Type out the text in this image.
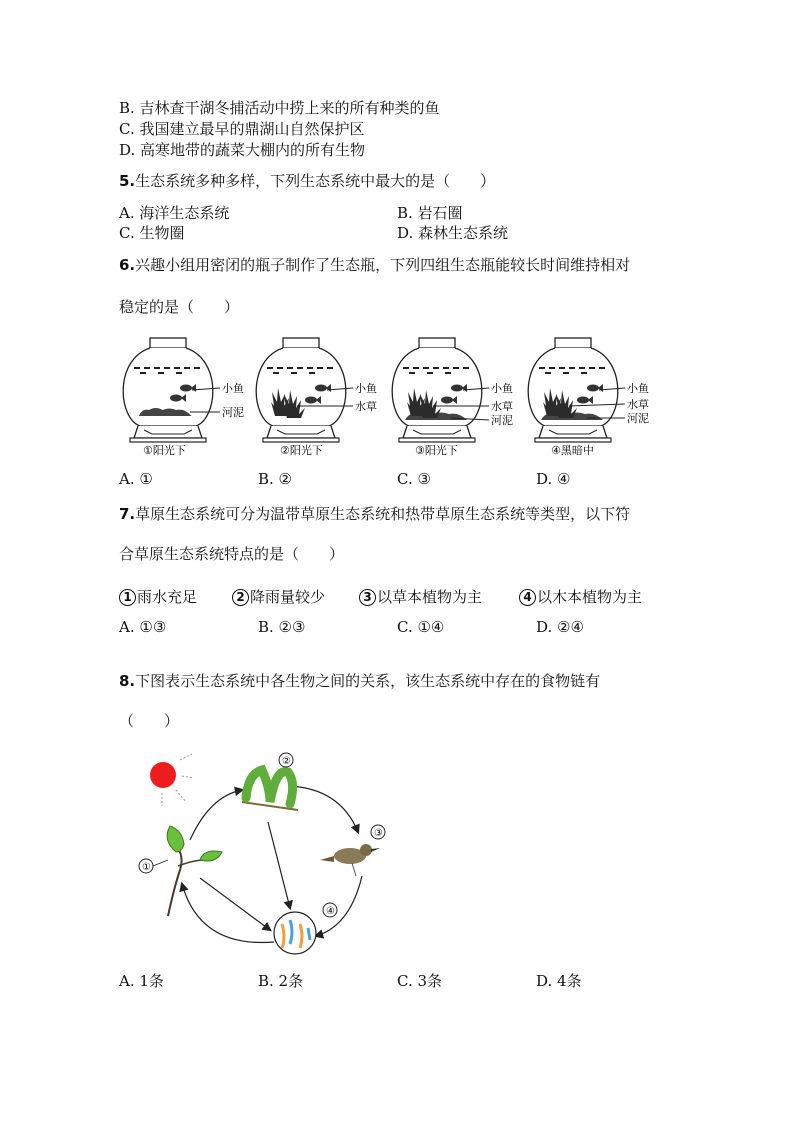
B. 吉林查干湖冬捕活动中捞上来的所有种类的鱼
C. 我国建立最早的鼎湖山自然保护区
D. 高寒地带的蔬菜大棚内的所有生物
5.生态系统多种多样，下列生态系统中最大的是（　　）
A. 海洋生态系统	B. 岩石圈
C. 生物圈	D. 森林生态系统
6.兴趣小组用密闭的瓶子制作了生态瓶，下列四组生态瓶能较长时间维持相对
稳定的是（　　）
小鱼
河泥
①阳光下
小鱼
水草
②阳光下
小鱼
水草
河泥
③阳光下
小鱼
水草
河泥
④黑暗中
A. ①	B. ②	C. ③	D. ④
7.草原生态系统可分为温带草原生态系统和热带草原生态系统等类型，以下符
合草原生态系统特点的是（　　）
1 雨水充足	2 降雨量较少	3 以草本植物为主	4 以木本植物为主
A. ①③	B. ②③	C. ①④	D. ②④
8.下图表示生态系统中各生物之间的关系，该生态系统中存在的食物链有
（　　）
①
②
③
④
A. 1条	B. 2条	C. 3条	D. 4条
